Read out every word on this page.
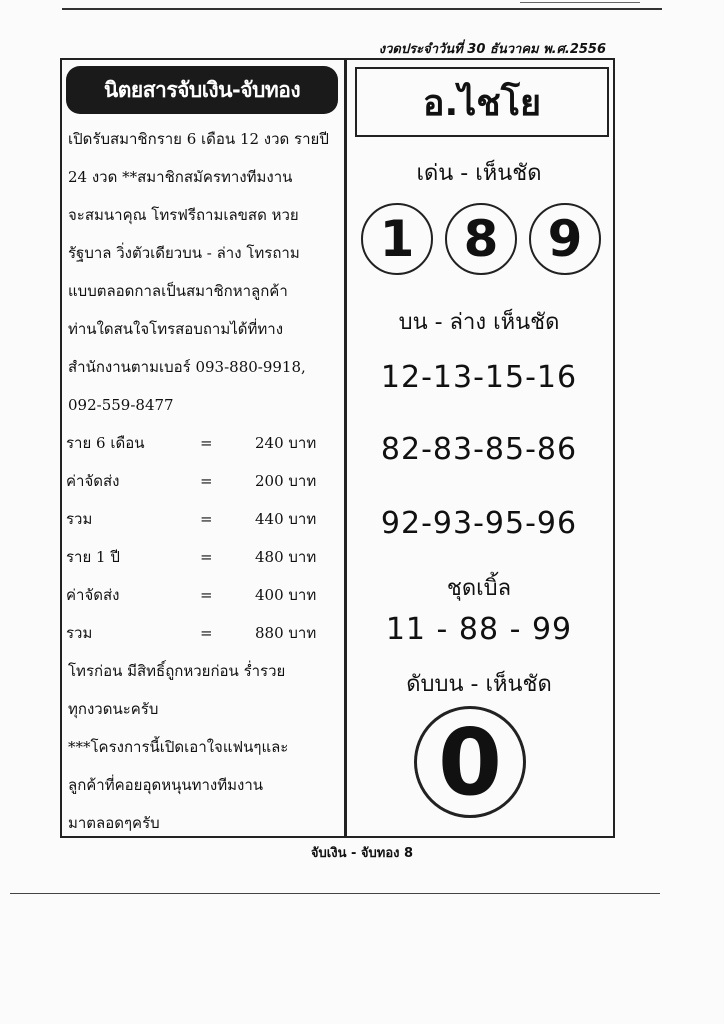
งวดประจำวันที่ 30 ธันวาคม พ.ศ.2556
นิตยสารจับเงิน-จับทอง

เปิดรับสมาชิกราย 6 เดือน 12 งวด รายปี

24 งวด **สมาชิกสมัครทางทีมงาน

จะสมนาคุณ โทรฟรีถามเลขสด หวย

รัฐบาล วิ่งตัวเดียวบน - ล่าง โทรถาม

แบบตลอดกาลเป็นสมาชิกหาลูกค้า

ท่านใดสนใจโทรสอบถามได้ที่ทาง

สำนักงานตามเบอร์ 093-880-9918,

092-559-8477

ราย 6 เดือน	=	240 บาท
ค่าจัดส่ง	=	200 บาท
รวม	=	440 บาท
ราย 1 ปี	=	480 บาท
ค่าจัดส่ง	=	400 บาท
รวม	=	880 บาท

โทรก่อน มีสิทธิ์ถูกหวยก่อน ร่ำรวย

ทุกงวดนะครับ

***โครงการนี้เปิดเอาใจแฟนๆและ

ลูกค้าที่คอยอุดหนุนทางทีมงาน

มาตลอดๆครับ

อ.ไชโย
เด่น - เห็นชัด
1 8 9
บน - ล่าง เห็นชัด
12-13-15-16
82-83-85-86
92-93-95-96
ชุดเบิ้ล
11 - 88 - 99
ดับบน - เห็นชัด
0
จับเงิน - จับทอง 8
